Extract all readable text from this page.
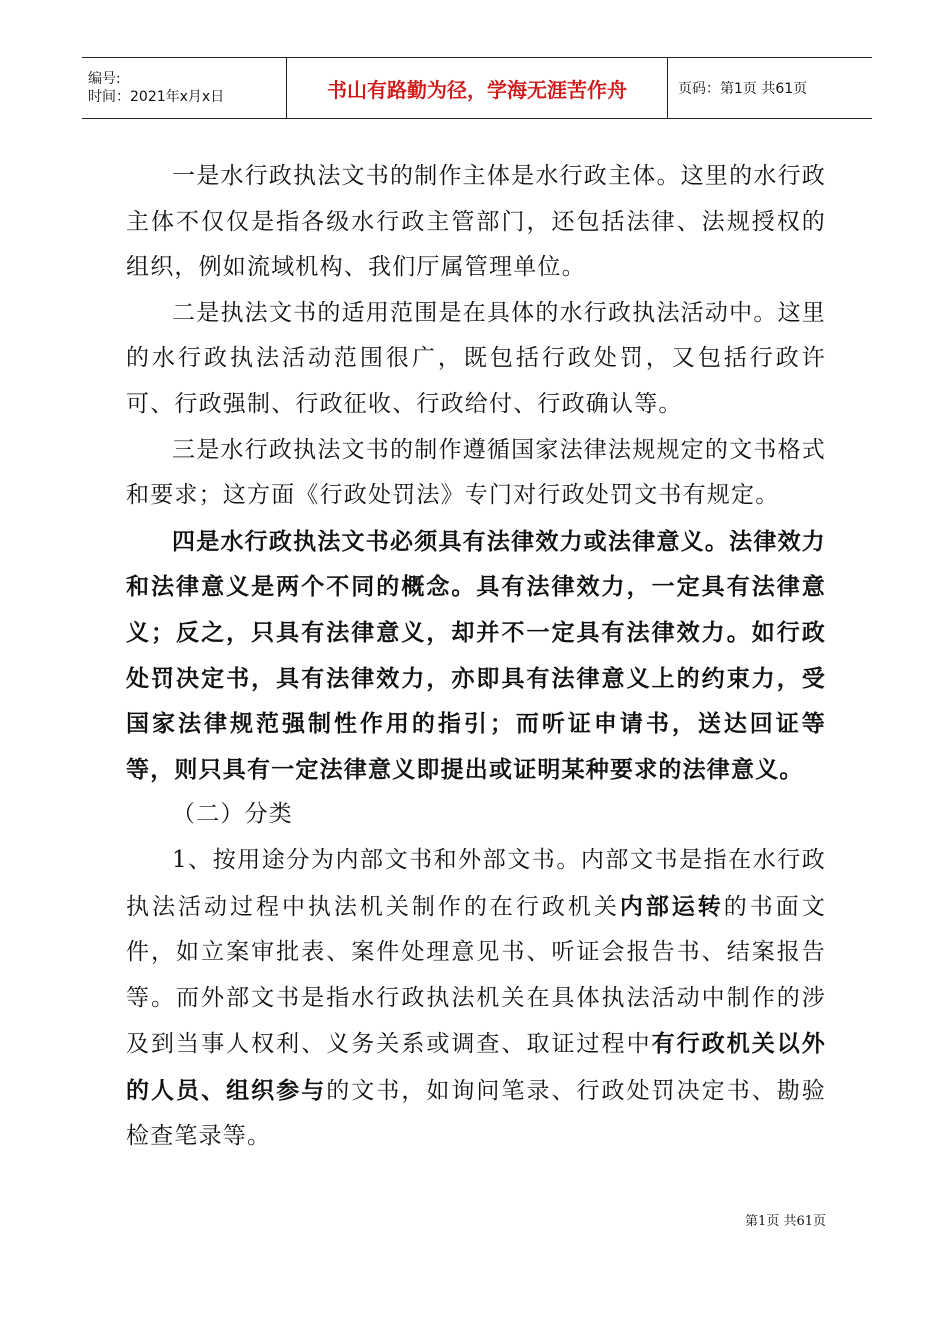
编号:
时间：2021年x月x日	书山有路勤为径，学海无涯苦作舟	页码：第1页 共61页

一是水行政执法文书的制作主体是水行政主体。这里的水行政主体不仅仅是指各级水行政主管部门，还包括法律、法规授权的组织，例如流域机构、我们厅属管理单位。

二是执法文书的适用范围是在具体的水行政执法活动中。这里的水行政执法活动范围很广，既包括行政处罚，又包括行政许可、行政强制、行政征收、行政给付、行政确认等。

三是水行政执法文书的制作遵循国家法律法规规定的文书格式和要求；这方面《行政处罚法》专门对行政处罚文书有规定。

四是水行政执法文书必须具有法律效力或法律意义。法律效力和法律意义是两个不同的概念。具有法律效力，一定具有法律意义；反之，只具有法律意义，却并不一定具有法律效力。如行政处罚决定书，具有法律效力，亦即具有法律意义上的约束力，受国家法律规范强制性作用的指引；而听证申请书，送达回证等等，则只具有一定法律意义即提出或证明某种要求的法律意义。

（二）分类

1、按用途分为内部文书和外部文书。内部文书是指在水行政执法活动过程中执法机关制作的在行政机关内部运转的书面文件，如立案审批表、案件处理意见书、听证会报告书、结案报告等。而外部文书是指水行政执法机关在具体执法活动中制作的涉及到当事人权利、义务关系或调查、取证过程中有行政机关以外的人员、组织参与的文书，如询问笔录、行政处罚决定书、勘验检查笔录等。

第1页 共61页
